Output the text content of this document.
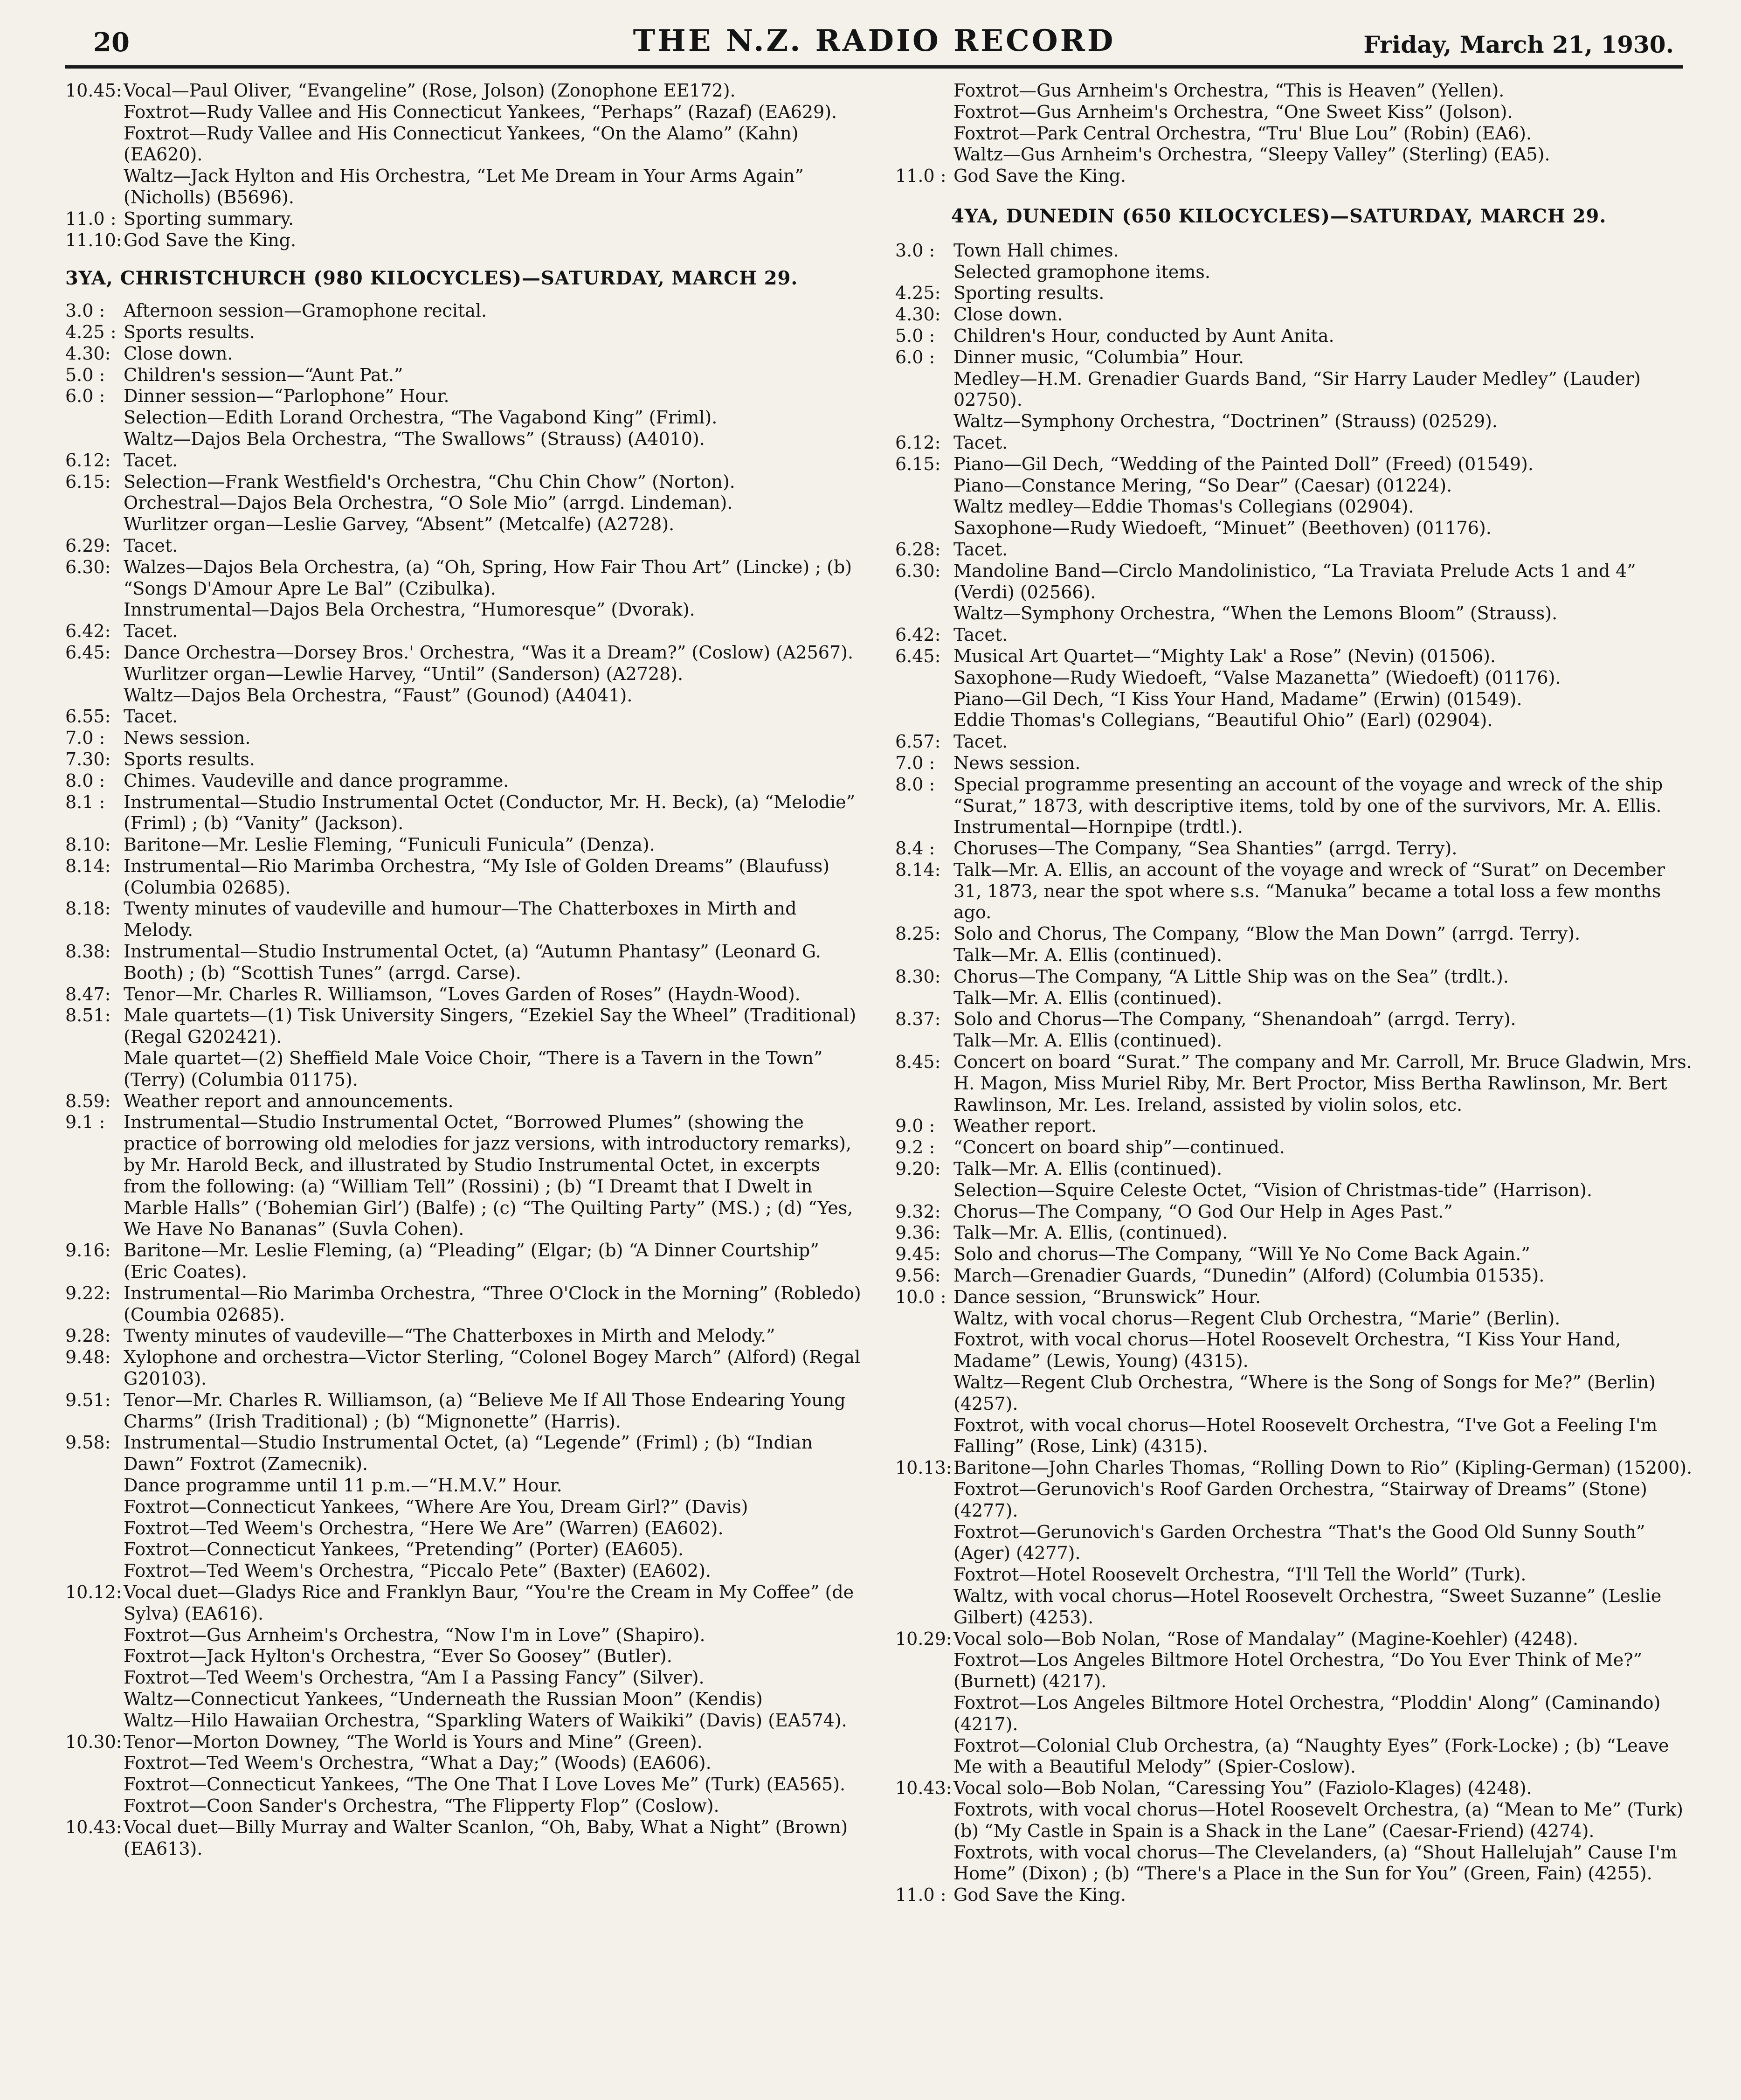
20	THE N.Z. RADIO RECORD	Friday, March 21, 1930.
10.45: Vocal—Paul Oliver, “Evangeline” (Rose, Jolson) (Zonophone EE172).
Foxtrot—Rudy Vallee and His Connecticut Yankees, “Perhaps” (Razaf) (EA629).
Foxtrot—Rudy Vallee and His Connecticut Yankees, “On the Alamo” (Kahn) (EA620).
Waltz—Jack Hylton and His Orchestra, “Let Me Dream in Your Arms Again” (Nicholls) (B5696).
11.0 : Sporting summary.
11.10: God Save the King.
3YA, CHRISTCHURCH (980 KILOCYCLES)—SATURDAY, MARCH 29.
3.0 :	Afternoon session—Gramophone recital.
4.25 : Sports results.
4.30: Close down.
5.0 :	Children's session—“Aunt Pat.”
6.0 :	Dinner session—“Parlophone” Hour.
Selection—Edith Lorand Orchestra, “The Vagabond King” (Friml).
Waltz—Dajos Bela Orchestra, “The Swallows” (Strauss) (A4010).
6.12: Tacet.
6.15: Selection—Frank Westfield's Orchestra, “Chu Chin Chow” (Norton).
Orchestral—Dajos Bela Orchestra, “O Sole Mio” (arrgd. Lindeman).
Wurlitzer organ—Leslie Garvey, “Absent” (Metcalfe) (A2728).
6.29: Tacet.
6.30: Walzes—Dajos Bela Orchestra, (a) “Oh, Spring, How Fair Thou Art” (Lincke) ; (b) “Songs D'Amour Apre Le Bal” (Czibulka).
Innstrumental—Dajos Bela Orchestra, “Humoresque” (Dvorak).
6.42: Tacet.
6.45: Dance Orchestra—Dorsey Bros.' Orchestra, “Was it a Dream?” (Coslow) (A2567).
Wurlitzer organ—Lewlie Harvey, “Until” (Sanderson) (A2728).
Waltz—Dajos Bela Orchestra, “Faust” (Gounod) (A4041).
6.55: Tacet.
7.0 :	News session.
7.30: Sports results.
8.0 :	Chimes. Vaudeville and dance programme.
8.1 :	Instrumental—Studio Instrumental Octet (Conductor, Mr. H. Beck), (a) “Melodie” (Friml) ; (b) “Vanity” (Jackson).
8.10: Baritone—Mr. Leslie Fleming, “Funiculi Funicula” (Denza).
8.14: Instrumental—Rio Marimba Orchestra, “My Isle of Golden Dreams” (Blaufuss) (Columbia 02685).
8.18: Twenty minutes of vaudeville and humour—The Chatterboxes in Mirth and Melody.
8.38: Instrumental—Studio Instrumental Octet, (a) “Autumn Phantasy” (Leonard G. Booth) ; (b) “Scottish Tunes” (arrgd. Carse).
8.47: Tenor—Mr. Charles R. Williamson, “Loves Garden of Roses” (Haydn-Wood).
8.51: Male quartets—(1) Tisk University Singers, “Ezekiel Say the Wheel” (Traditional) (Regal G202421).
Male quartet—(2) Sheffield Male Voice Choir, “There is a Tavern in the Town” (Terry) (Columbia 01175).
8.59: Weather report and announcements.
9.1 :	Instrumental—Studio Instrumental Octet, “Borrowed Plumes” (showing the practice of borrowing old melodies for jazz versions, with introductory remarks), by Mr. Harold Beck, and illustrated by Studio Instrumental Octet, in excerpts from the following: (a) “William Tell” (Rossini) ; (b) “I Dreamt that I Dwelt in Marble Halls” (‘Bohemian Girl’) (Balfe) ; (c) “The Quilting Party” (MS.) ; (d) “Yes, We Have No Bananas” (Suvla Cohen).
9.16: Baritone—Mr. Leslie Fleming, (a) “Pleading” (Elgar; (b) “A Dinner Courtship” (Eric Coates).
9.22: Instrumental—Rio Marimba Orchestra, “Three O'Clock in the Morning” (Robledo) (Coumbia 02685).
9.28: Twenty minutes of vaudeville—“The Chatterboxes in Mirth and Melody.”
9.48: Xylophone and orchestra—Victor Sterling, “Colonel Bogey March” (Alford) (Regal G20103).
9.51: Tenor—Mr. Charles R. Williamson, (a) “Believe Me If All Those Endearing Young Charms” (Irish Traditional) ; (b) “Mignonette” (Harris).
9.58: Instrumental—Studio Instrumental Octet, (a) “Legende” (Friml) ; (b) “Indian Dawn” Foxtrot (Zamecnik).
Dance programme until 11 p.m.—“H.M.V.” Hour.
Foxtrot—Connecticut Yankees, “Where Are You, Dream Girl?” (Davis)
Foxtrot—Ted Weem's Orchestra, “Here We Are” (Warren) (EA602).
Foxtrot—Connecticut Yankees, “Pretending” (Porter) (EA605).
Foxtrot—Ted Weem's Orchestra, “Piccalo Pete” (Baxter) (EA602).
10.12: Vocal duet—Gladys Rice and Franklyn Baur, “You're the Cream in My Coffee” (de Sylva) (EA616).
Foxtrot—Gus Arnheim's Orchestra, “Now I'm in Love” (Shapiro).
Foxtrot—Jack Hylton's Orchestra, “Ever So Goosey” (Butler).
Foxtrot—Ted Weem's Orchestra, “Am I a Passing Fancy” (Silver).
Waltz—Connecticut Yankees, “Underneath the Russian Moon” (Kendis)
Waltz—Hilo Hawaiian Orchestra, “Sparkling Waters of Waikiki” (Davis) (EA574).
10.30: Tenor—Morton Downey, “The World is Yours and Mine” (Green).
Foxtrot—Ted Weem's Orchestra, “What a Day;” (Woods) (EA606).
Foxtrot—Connecticut Yankees, “The One That I Love Loves Me” (Turk) (EA565).
Foxtrot—Coon Sander's Orchestra, “The Flipperty Flop” (Coslow).
10.43: Vocal duet—Billy Murray and Walter Scanlon, “Oh, Baby, What a Night” (Brown) (EA613).
Foxtrot—Gus Arnheim's Orchestra, “This is Heaven” (Yellen).
Foxtrot—Gus Arnheim's Orchestra, “One Sweet Kiss” (Jolson).
Foxtrot—Park Central Orchestra, “Tru' Blue Lou” (Robin) (EA6).
Waltz—Gus Arnheim's Orchestra, “Sleepy Valley” (Sterling) (EA5).
11.0 : God Save the King.
4YA, DUNEDIN (650 KILOCYCLES)—SATURDAY, MARCH 29.
3.0 :	Town Hall chimes.
Selected gramophone items.
4.25: Sporting results.
4.30: Close down.
5.0 :	Children's Hour, conducted by Aunt Anita.
6.0 :	Dinner music, “Columbia” Hour.
Medley—H.M. Grenadier Guards Band, “Sir Harry Lauder Medley” (Lauder) 02750).
Waltz—Symphony Orchestra, “Doctrinen” (Strauss) (02529).
6.12: Tacet.
6.15: Piano—Gil Dech, “Wedding of the Painted Doll” (Freed) (01549).
Piano—Constance Mering, “So Dear” (Caesar) (01224).
Waltz medley—Eddie Thomas's Collegians (02904).
Saxophone—Rudy Wiedoeft, “Minuet” (Beethoven) (01176).
6.28: Tacet.
6.30: Mandoline Band—Circlo Mandolinistico, “La Traviata Prelude Acts 1 and 4” (Verdi) (02566).
Waltz—Symphony Orchestra, “When the Lemons Bloom” (Strauss).
6.42: Tacet.
6.45: Musical Art Quartet—“Mighty Lak' a Rose” (Nevin) (01506).
Saxophone—Rudy Wiedoeft, “Valse Mazanetta” (Wiedoeft) (01176).
Piano—Gil Dech, “I Kiss Your Hand, Madame” (Erwin) (01549).
Eddie Thomas's Collegians, “Beautiful Ohio” (Earl) (02904).
6.57: Tacet.
7.0 :	News session.
8.0 :	Special programme presenting an account of the voyage and wreck of the ship “Surat,” 1873, with descriptive items, told by one of the survivors, Mr. A. Ellis.
Instrumental—Hornpipe (trdtl.).
8.4 :	Choruses—The Company, “Sea Shanties” (arrgd. Terry).
8.14: Talk—Mr. A. Ellis, an account of the voyage and wreck of “Surat” on December 31, 1873, near the spot where s.s. “Manuka” became a total loss a few months ago.
8.25: Solo and Chorus, The Company, “Blow the Man Down” (arrgd. Terry).
Talk—Mr. A. Ellis (continued).
8.30: Chorus—The Company, “A Little Ship was on the Sea” (trdlt.).
Talk—Mr. A. Ellis (continued).
8.37: Solo and Chorus—The Company, “Shenandoah” (arrgd. Terry).
Talk—Mr. A. Ellis (continued).
8.45: Concert on board “Surat.” The company and Mr. Carroll, Mr. Bruce Gladwin, Mrs. H. Magon, Miss Muriel Riby, Mr. Bert Proctor, Miss Bertha Rawlinson, Mr. Bert Rawlinson, Mr. Les. Ireland, assisted by violin solos, etc.
9.0 :	Weather report.
9.2 :	“Concert on board ship”—continued.
9.20: Talk—Mr. A. Ellis (continued).
Selection—Squire Celeste Octet, “Vision of Christmas-tide” (Harrison).
9.32: Chorus—The Company, “O God Our Help in Ages Past.”
9.36: Talk—Mr. A. Ellis, (continued).
9.45: Solo and chorus—The Company, “Will Ye No Come Back Again.”
9.56: March—Grenadier Guards, “Dunedin” (Alford) (Columbia 01535).
10.0 : Dance session, “Brunswick” Hour.
Waltz, with vocal chorus—Regent Club Orchestra, “Marie” (Berlin).
Foxtrot, with vocal chorus—Hotel Roosevelt Orchestra, “I Kiss Your Hand, Madame” (Lewis, Young) (4315).
Waltz—Regent Club Orchestra, “Where is the Song of Songs for Me?” (Berlin) (4257).
Foxtrot, with vocal chorus—Hotel Roosevelt Orchestra, “I've Got a Feeling I'm Falling” (Rose, Link) (4315).
10.13: Baritone—John Charles Thomas, “Rolling Down to Rio” (Kipling-German) (15200).
Foxtrot—Gerunovich's Roof Garden Orchestra, “Stairway of Dreams” (Stone) (4277).
Foxtrot—Gerunovich's Garden Orchestra “That's the Good Old Sunny South” (Ager) (4277).
Foxtrot—Hotel Roosevelt Orchestra, “I'll Tell the World” (Turk).
Waltz, with vocal chorus—Hotel Roosevelt Orchestra, “Sweet Suzanne” (Leslie Gilbert) (4253).
10.29: Vocal solo—Bob Nolan, “Rose of Mandalay” (Magine-Koehler) (4248).
Foxtrot—Los Angeles Biltmore Hotel Orchestra, “Do You Ever Think of Me?” (Burnett) (4217).
Foxtrot—Los Angeles Biltmore Hotel Orchestra, “Ploddin' Along” (Caminando) (4217).
Foxtrot—Colonial Club Orchestra, (a) “Naughty Eyes” (Fork-Locke) ; (b) “Leave Me with a Beautiful Melody” (Spier-Coslow).
10.43: Vocal solo—Bob Nolan, “Caressing You” (Faziolo-Klages) (4248).
Foxtrots, with vocal chorus—Hotel Roosevelt Orchestra, (a) “Mean to Me” (Turk) (b) “My Castle in Spain is a Shack in the Lane” (Caesar-Friend) (4274).
Foxtrots, with vocal chorus—The Clevelanders, (a) “Shout Hallelujah” Cause I'm Home” (Dixon) ; (b) “There's a Place in the Sun for You” (Green, Fain) (4255).
11.0 : God Save the King.
